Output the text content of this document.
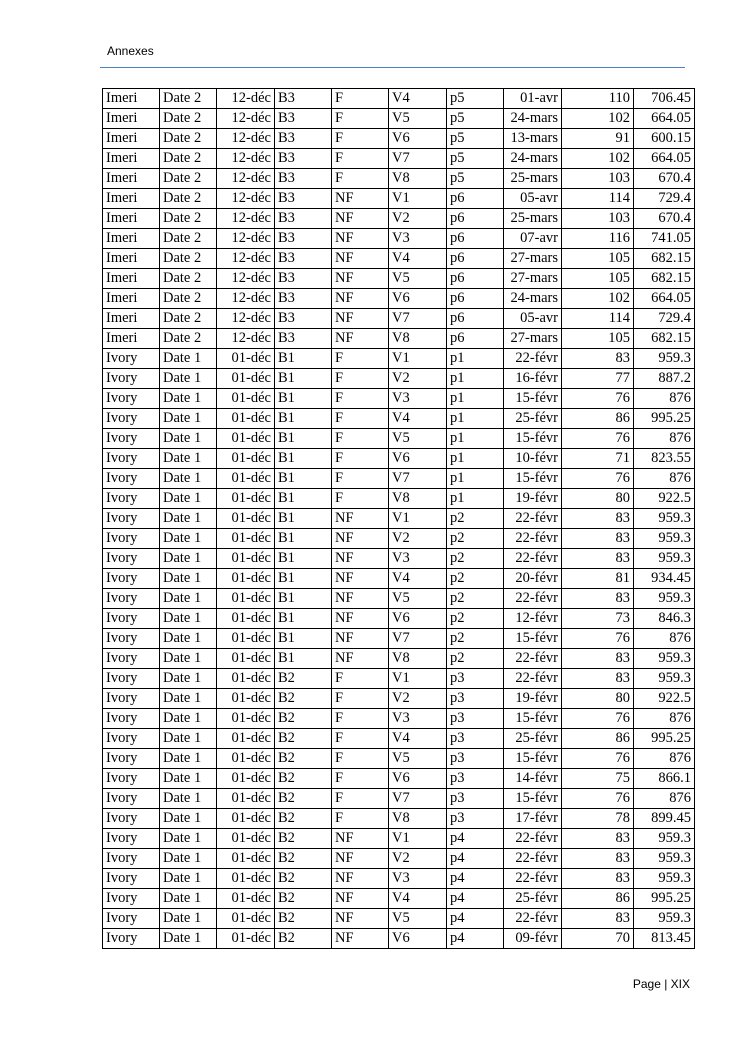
Annexes
Imeri	Date 2	12-déc	B3	F	V4	p5	01-avr	110	706.45
Imeri	Date 2	12-déc	B3	F	V5	p5	24-mars	102	664.05
Imeri	Date 2	12-déc	B3	F	V6	p5	13-mars	91	600.15
Imeri	Date 2	12-déc	B3	F	V7	p5	24-mars	102	664.05
Imeri	Date 2	12-déc	B3	F	V8	p5	25-mars	103	670.4
Imeri	Date 2	12-déc	B3	NF	V1	p6	05-avr	114	729.4
Imeri	Date 2	12-déc	B3	NF	V2	p6	25-mars	103	670.4
Imeri	Date 2	12-déc	B3	NF	V3	p6	07-avr	116	741.05
Imeri	Date 2	12-déc	B3	NF	V4	p6	27-mars	105	682.15
Imeri	Date 2	12-déc	B3	NF	V5	p6	27-mars	105	682.15
Imeri	Date 2	12-déc	B3	NF	V6	p6	24-mars	102	664.05
Imeri	Date 2	12-déc	B3	NF	V7	p6	05-avr	114	729.4
Imeri	Date 2	12-déc	B3	NF	V8	p6	27-mars	105	682.15
Ivory	Date 1	01-déc	B1	F	V1	p1	22-févr	83	959.3
Ivory	Date 1	01-déc	B1	F	V2	p1	16-févr	77	887.2
Ivory	Date 1	01-déc	B1	F	V3	p1	15-févr	76	876
Ivory	Date 1	01-déc	B1	F	V4	p1	25-févr	86	995.25
Ivory	Date 1	01-déc	B1	F	V5	p1	15-févr	76	876
Ivory	Date 1	01-déc	B1	F	V6	p1	10-févr	71	823.55
Ivory	Date 1	01-déc	B1	F	V7	p1	15-févr	76	876
Ivory	Date 1	01-déc	B1	F	V8	p1	19-févr	80	922.5
Ivory	Date 1	01-déc	B1	NF	V1	p2	22-févr	83	959.3
Ivory	Date 1	01-déc	B1	NF	V2	p2	22-févr	83	959.3
Ivory	Date 1	01-déc	B1	NF	V3	p2	22-févr	83	959.3
Ivory	Date 1	01-déc	B1	NF	V4	p2	20-févr	81	934.45
Ivory	Date 1	01-déc	B1	NF	V5	p2	22-févr	83	959.3
Ivory	Date 1	01-déc	B1	NF	V6	p2	12-févr	73	846.3
Ivory	Date 1	01-déc	B1	NF	V7	p2	15-févr	76	876
Ivory	Date 1	01-déc	B1	NF	V8	p2	22-févr	83	959.3
Ivory	Date 1	01-déc	B2	F	V1	p3	22-févr	83	959.3
Ivory	Date 1	01-déc	B2	F	V2	p3	19-févr	80	922.5
Ivory	Date 1	01-déc	B2	F	V3	p3	15-févr	76	876
Ivory	Date 1	01-déc	B2	F	V4	p3	25-févr	86	995.25
Ivory	Date 1	01-déc	B2	F	V5	p3	15-févr	76	876
Ivory	Date 1	01-déc	B2	F	V6	p3	14-févr	75	866.1
Ivory	Date 1	01-déc	B2	F	V7	p3	15-févr	76	876
Ivory	Date 1	01-déc	B2	F	V8	p3	17-févr	78	899.45
Ivory	Date 1	01-déc	B2	NF	V1	p4	22-févr	83	959.3
Ivory	Date 1	01-déc	B2	NF	V2	p4	22-févr	83	959.3
Ivory	Date 1	01-déc	B2	NF	V3	p4	22-févr	83	959.3
Ivory	Date 1	01-déc	B2	NF	V4	p4	25-févr	86	995.25
Ivory	Date 1	01-déc	B2	NF	V5	p4	22-févr	83	959.3
Ivory	Date 1	01-déc	B2	NF	V6	p4	09-févr	70	813.45
Page | XIX
